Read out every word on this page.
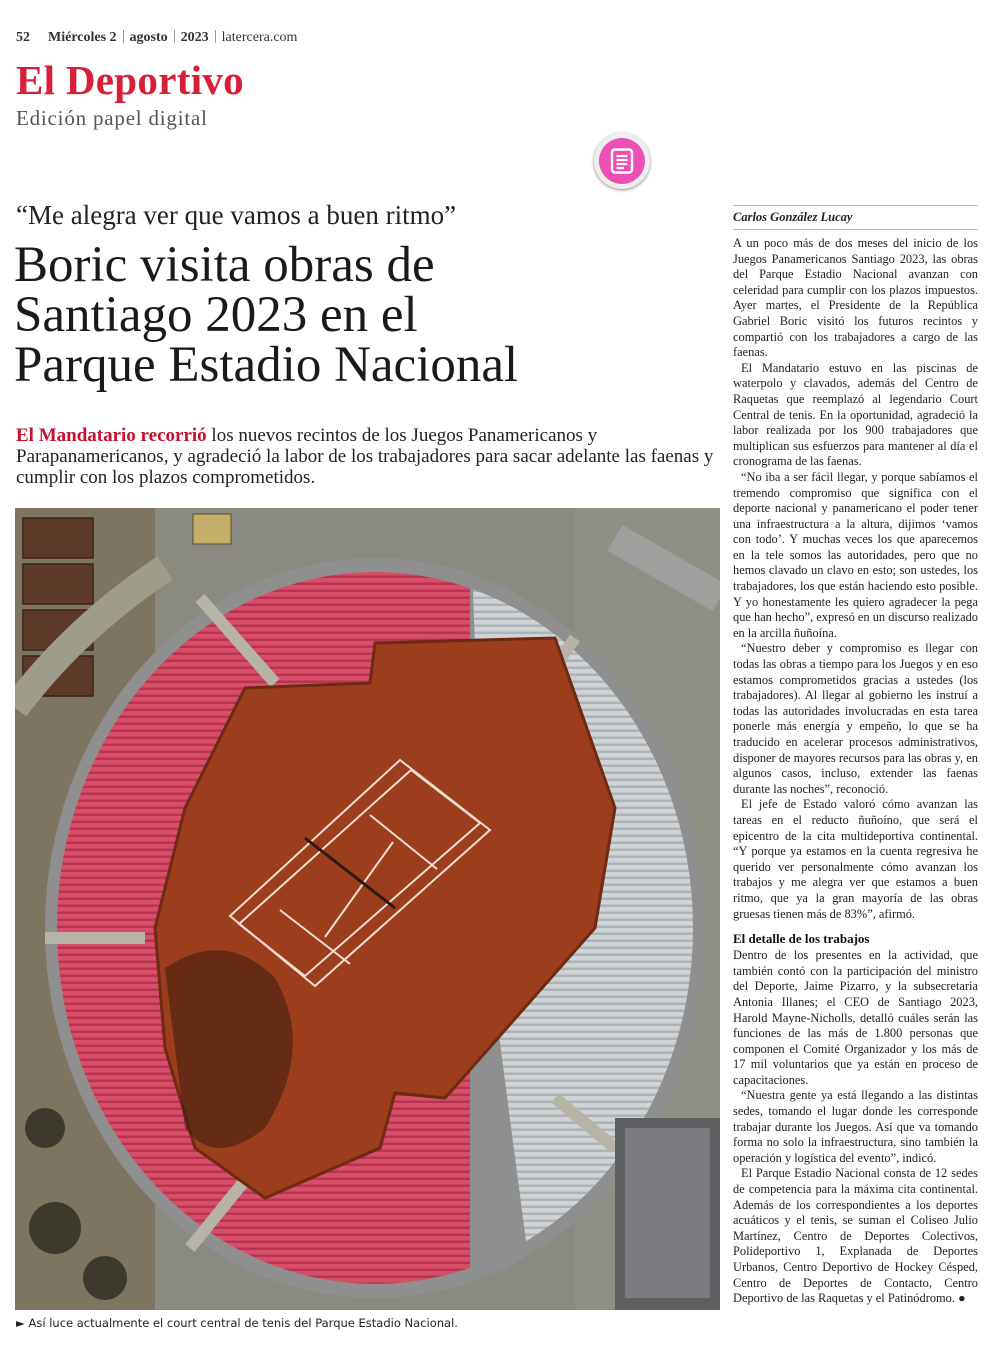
52 Miércoles 2 agosto 2023 latercera.com
El Deportivo
Edición papel digital
“Me alegra ver que vamos a buen ritmo”
Boric visita obras de
Santiago 2023 en el
Parque Estadio Nacional
El Mandatario recorrió los nuevos recintos de los Juegos Panamericanos y Parapanamericanos, y agradeció la labor de los trabajadores para sacar adelante las faenas y cumplir con los plazos comprometidos.
► Así luce actualmente el court central de tenis del Parque Estadio Nacional.
Carlos González Lucay

A un poco más de dos meses del inicio de los Juegos Panamericanos Santiago 2023, las obras del Parque Estadio Nacional avanzan con celeridad para cumplir con los plazos impuestos. Ayer martes, el Presidente de la República Gabriel Boric visitó los futuros recintos y compartió con los trabajadores a cargo de las faenas.

El Mandatario estuvo en las piscinas de waterpolo y clavados, además del Centro de Raquetas que reemplazó al legendario Court Central de tenis. En la oportunidad, agradeció la labor realizada por los 900 trabajadores que multiplican sus esfuerzos para mantener al día el cronograma de las faenas.

“No iba a ser fácil llegar, y porque sabíamos el tremendo compromiso que significa con el deporte nacional y panamericano el poder tener una infraestructura a la altura, dijimos ‘vamos con todo’. Y muchas veces los que aparecemos en la tele somos las autoridades, pero que no hemos clavado un clavo en esto; son ustedes, los trabajadores, los que están haciendo esto posible. Y yo honestamente les quiero agradecer la pega que han hecho”, expresó en un discurso realizado en la arcilla ñuñoína.

“Nuestro deber y compromiso es llegar con todas las obras a tiempo para los Juegos y en eso estamos comprometidos gracias a ustedes (los trabajadores). Al llegar al gobierno les instruí a todas las autoridades involucradas en esta tarea ponerle más energía y empeño, lo que se ha traducido en acelerar procesos administrativos, disponer de mayores recursos para las obras y, en algunos casos, incluso, extender las faenas durante las noches”, reconoció.

El jefe de Estado valoró cómo avanzan las tareas en el reducto ñuñoíno, que será el epicentro de la cita multideportiva continental. “Y porque ya estamos en la cuenta regresiva he querido ver personalmente cómo avanzan los trabajos y me alegra ver que estamos a buen ritmo, que ya la gran mayoría de las obras gruesas tienen más de 83%”, afirmó.

El detalle de los trabajos

Dentro de los presentes en la actividad, que también contó con la participación del ministro del Deporte, Jaime Pizarro, y la subsecretaria Antonia Illanes; el CEO de Santiago 2023, Harold Mayne-Nicholls, detalló cuáles serán las funciones de las más de 1.800 personas que componen el Comité Organizador y los más de 17 mil voluntarios que ya están en proceso de capacitaciones.

“Nuestra gente ya está llegando a las distintas sedes, tomando el lugar donde les corresponde trabajar durante los Juegos. Así que va tomando forma no solo la infraestructura, sino también la operación y logística del evento”, indicó.

El Parque Estadio Nacional consta de 12 sedes de competencia para la máxima cita continental. Además de los correspondientes a los deportes acuáticos y el tenis, se suman el Coliseo Julio Martínez, Centro de Deportes Colectivos, Polideportivo 1, Explanada de Deportes Urbanos, Centro Deportivo de Hockey Césped, Centro de Deportes de Contacto, Centro Deportivo de las Raquetas y el Patinódromo. ●
